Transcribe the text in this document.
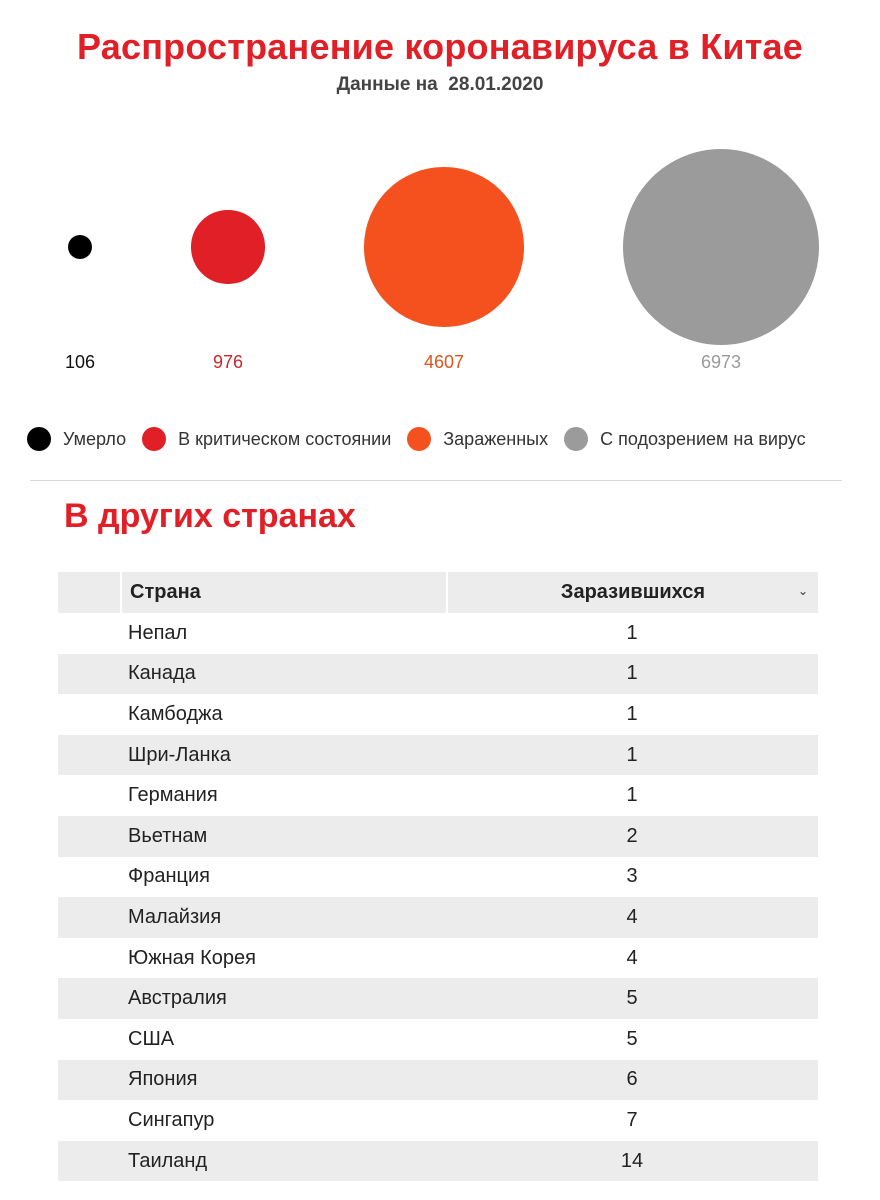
Распространение коронавируса в Китае
Данные на  28.01.2020
106	976	4607	6973
Умерло	В критическом состоянии	Зараженных	С подозрением на вирус
В других странах
Страна	Заразившихся	⌄
Непал	1
Канада	1
Камбоджа	1
Шри-Ланка	1
Германия	1
Вьетнам	2
Франция	3
Малайзия	4
Южная Корея	4
Австралия	5
США	5
Япония	6
Сингапур	7
Таиланд	14
